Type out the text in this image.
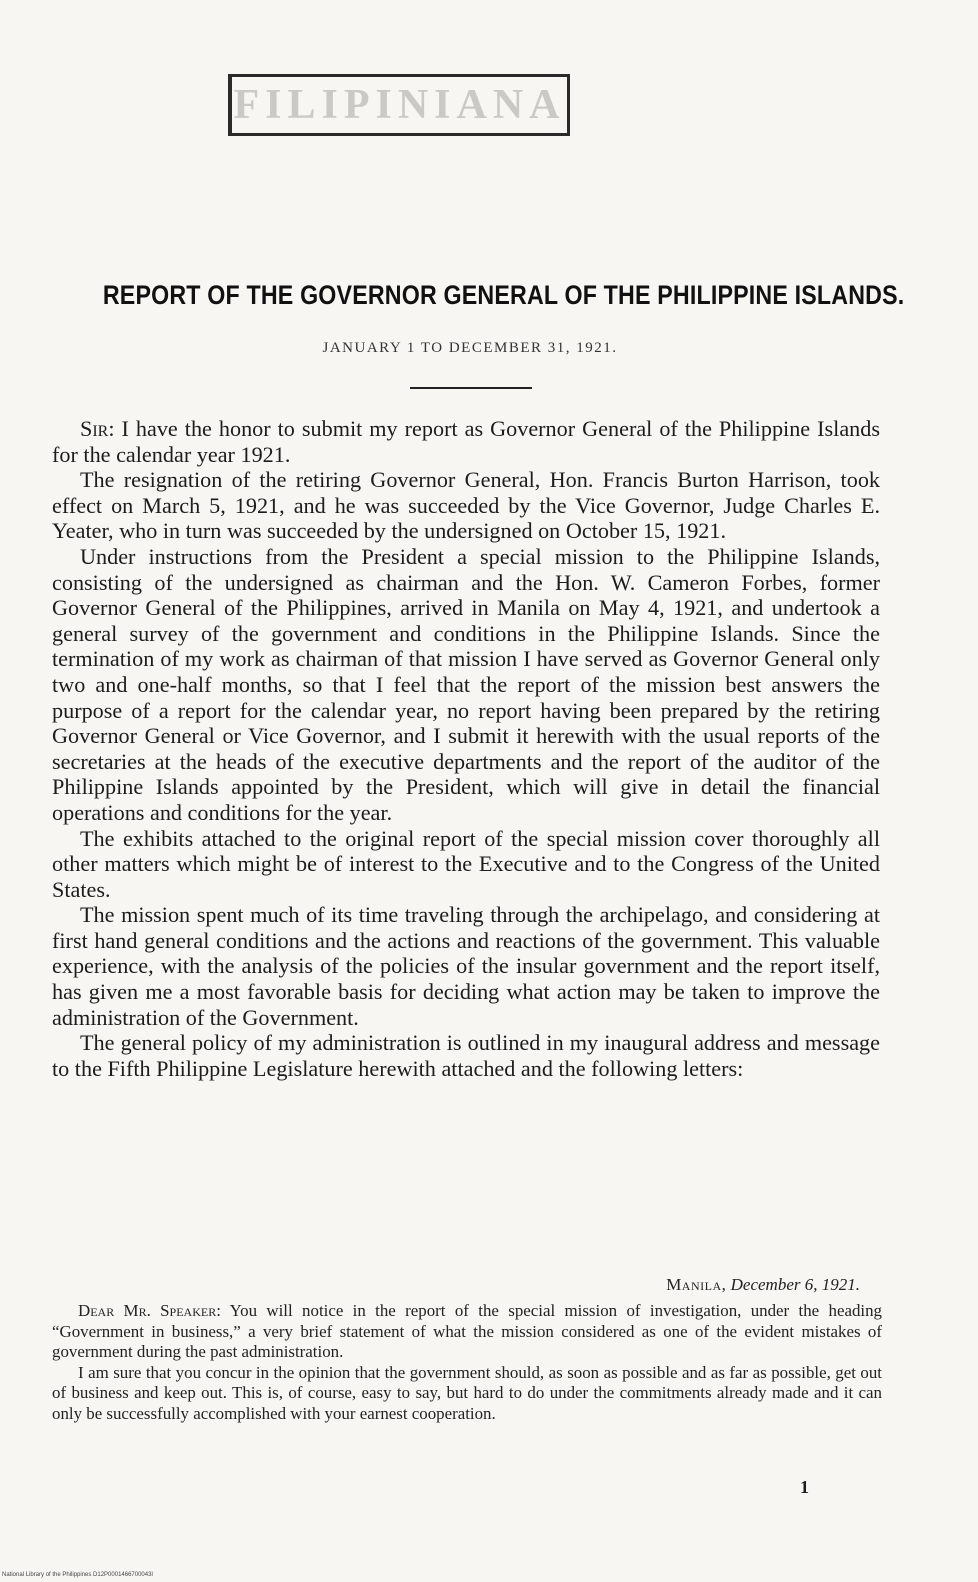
FILIPINIANA
REPORT OF THE GOVERNOR GENERAL OF THE PHILIPPINE ISLANDS.
JANUARY 1 TO DECEMBER 31, 1921.

Sir: I have the honor to submit my report as Governor General of the Philippine Islands for the calendar year 1921.

The resignation of the retiring Governor General, Hon. Francis Burton Harrison, took effect on March 5, 1921, and he was succeeded by the Vice Governor, Judge Charles E. Yeater, who in turn was succeeded by the undersigned on October 15, 1921.

Under instructions from the President a special mission to the Philippine Islands, consisting of the undersigned as chairman and the Hon. W. Cameron Forbes, former Governor General of the Philippines, arrived in Manila on May 4, 1921, and undertook a general survey of the government and conditions in the Philippine Islands. Since the termination of my work as chairman of that mission I have served as Governor General only two and one-half months, so that I feel that the report of the mission best answers the purpose of a report for the calendar year, no report having been prepared by the retiring Governor General or Vice Governor, and I submit it herewith with the usual reports of the secretaries at the heads of the executive departments and the report of the auditor of the Philippine Islands appointed by the President, which will give in detail the financial operations and conditions for the year.

The exhibits attached to the original report of the special mission cover thoroughly all other matters which might be of interest to the Executive and to the Congress of the United States.

The mission spent much of its time traveling through the archipelago, and considering at first hand general conditions and the actions and reactions of the government. This valuable experience, with the analysis of the policies of the insular government and the report itself, has given me a most favorable basis for deciding what action may be taken to improve the administration of the Government.

The general policy of my administration is outlined in my inaugural address and message to the Fifth Philippine Legislature herewith attached and the following letters:

Manila, December 6, 1921.

Dear Mr. Speaker: You will notice in the report of the special mission of investigation, under the heading “Government in business,” a very brief statement of what the mission considered as one of the evident mistakes of government during the past administration.

I am sure that you concur in the opinion that the government should, as soon as possible and as far as possible, get out of business and keep out. This is, of course, easy to say, but hard to do under the commitments already made and it can only be successfully accomplished with your earnest cooperation.

1
National Library of the Philippines D12P0001466700043l
